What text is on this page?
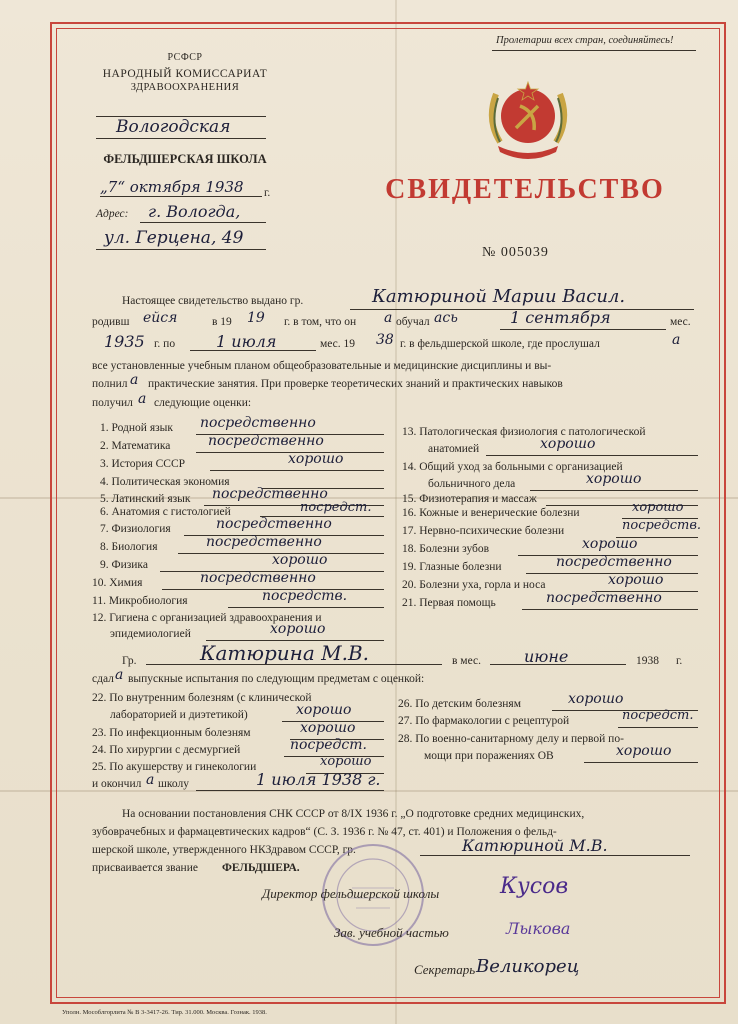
РСФСР
НАРОДНЫЙ КОМИССАРИАТ
ЗДРАВООХРАНЕНИЯ
Вологодская
ФЕЛЬДШЕРСКАЯ ШКОЛА
„7“ октября 1938 г.
Адрес: г. Вологда,
ул. Герцена, 49
Пролетарии всех стран, соединяйтесь!
СВИДЕТЕЛЬСТВО
№ 005039
Настоящее свидетельство выдано гр.	Катюриной Марии Васил.
родивш ейся	в 19 19 г. в том, что он а обучал ась	1 сентября	мес.
1935 г. по	1 июля	мес. 19 38 г. в фельдшерской школе, где прослушал	а
все установленные учебным планом общеобразовательные и медицинские дисциплины и вы-
полнил а практические занятия. При проверке теоретических знаний и практических навыков
получил а следующие оценки:
1. Родной язык посредственно
2. Математика	посредственно
3. История СССР	хорошо
4. Политическая экономия
5. Латинский язык посредственно
6. Анатомия с гистологией	посредст.
7. Физиология	посредственно
8. Биология	посредственно
9. Физика	хорошо
10. Химия	посредственно
11. Микробиология	посредств.
12. Гигиена с организацией здравоохранения и
эпидемиологией	хорошо
13. Патологическая физиология с патологической
анатомией	хорошо
14. Общий уход за больными с организацией
больничного дела	хорошо
15. Физиотерапия и массаж
16. Кожные и венерические болезни	хорошо
17. Нервно-психические болезни	посредств.
18. Болезни зубов	хорошо
19. Глазные болезни	посредственно
20. Болезни уха, горла и носа	хорошо
21. Первая помощь	посредственно
Гр.	Катюрина М.В.	в мес.	июне	1938 г.
сдал а выпускные испытания по следующим предметам с оценкой:
22. По внутренним болезням (с клинической
лабораторией и диэтетикой)	хорошо
23. По инфекционным болезням	хорошо
24. По хирургии с десмургией	посредст.
25. По акушерству и гинекологии	хорошо
26. По детским болезням	хорошо
27. По фармакологии с рецептурой	посредст.
28. По военно-санитарному делу и первой по-
мощи при поражениях ОВ	хорошо
и окончил а школу	1 июля 1938 г.
На основании постановления СНК СССР от 8/IX 1936 г. „О подготовке средних медицинских,
зубоврачебных и фармацевтических кадров“ (С. З. 1936 г. № 47, ст. 401) и Положения о фельд-
шерской школе, утвержденного НКЗдравом СССР, гр.	Катюриной М.В.
присваивается звание ФЕЛЬДШЕРА.
Директор фельдшерской школы	Кусов
Зав. учебной частью	Лыкова
Секретарь Великорец
Уполн. Мособлгорлита № В 3-3417-26. Тир. 31.000. Москва. Гознак. 1938.
